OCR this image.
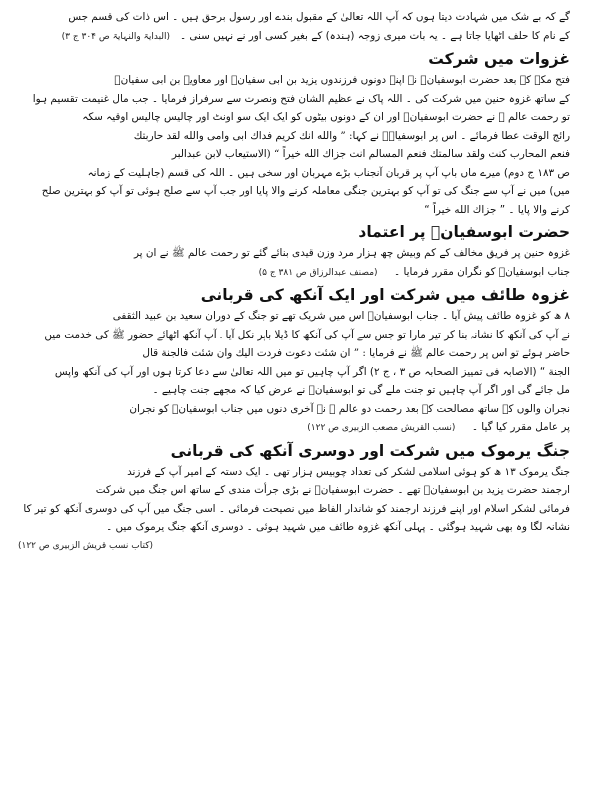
گے کہ بے شک میں شہادت دیتا ہوں کہ آپ اللہ تعالیٰ کے مقبول بندے اور رسول برحق ہیں ۔ اس ذات کی قسم جس
کے نام کا حلف اٹھایا جاتا ہے ۔ یہ بات میری زوجہ (ہندہ) کے بغیر کسی اور نے نہیں سنی ۔   (البدایۃ والنہایۃ ص ۳۰۴ ج ۳)
غزوات میں شرکت
فتح مکہ کے بعد حضرت ابوسفیانؓ نے اپنے دونوں فرزندوں یزید بن ابی سفیانؓ اور معاویہ بن ابی سفیانؓ
کے ساتھ غزوہ حنین میں شرکت کی ۔ اللہ پاک نے عظیم الشان فتح ونصرت سے سرفراز فرمایا ۔ جب مال غنیمت تقسیم ہوا
تو رحمت عالم ﷺ نے حضرت ابوسفیانؓ اور ان کے دونوں بیٹوں کو ایک ایک سو اونٹ اور چالیس چالیس اوقیہ سکہ
رائج الوقت عطا فرمائے ۔ اس پر ابوسفیانؓ نے کہا: ” والله انك كريم فداك ابى وامى والله لقد حاربتك
فنعم المحارب كنت ولقد سالمتك فنعم المسالم انت جزاك الله خيراً “ (الاستیعاب لابن عبدالبر
ص ۱۸۳ ج دوم) میرے ماں باپ آپ پر قربان آنجناب بڑے مہربان اور سخی ہیں ۔ اللہ کی قسم (جاہلیت کے زمانہ
میں) میں نے آپ سے جنگ کی تو آپ کو بہترین جنگی معاملہ کرنے والا پایا اور جب آپ سے صلح ہوئی تو آپ کو بہترین صلح
کرنے والا پایا ۔ ” جزاك الله خيراً “
حضرت ابوسفیانؓ پر اعتماد
غزوہ حنین پر فریق مخالف کے کم وبیش چھ ہزار مرد وزن قیدی بنائے گئے تو رحمت عالم ﷺ نے ان پر
جناب ابوسفیانؓ کو نگران مقرر فرمایا ۔     (مصنف عبدالرزاق ص ۳۸۱ ج ۵)
غزوہ طائف میں شرکت اور ایک آنکھ کی قربانی
۸ ھ کو غزوہ طائف پیش آیا ۔ جناب ابوسفیانؓ اس میں شریک تھے تو جنگ کے دوران سعید بن عبید الثقفی
نے آپ کی آنکھ کا نشانہ بنا کر تیر مارا تو جس سے آپ کی آنکھ کا ڈیلا باہر نکل آیا ۔ آپ آنکھ اٹھائے حضور ﷺ کی خدمت میں
حاضر ہوئے تو اس پر رحمت عالم ﷺ نے فرمایا : ” ان شئت دعوت فردت اليك وان شئت فالجنة قال
الجنة “ (الاصابہ فی تمییز الصحابہ ص ۳ ، ج ۲) اگر آپ چاہیں تو میں اللہ تعالیٰ سے دعا کرتا ہوں اور آپ کی آنکھ واپس
مل جائے گی اور اگر آپ چاہیں تو جنت ملے گی تو ابوسفیانؓ نے عرض کیا کہ مجھے جنت چاہیے ۔
نجران والوں کے ساتھ مصالحت کے بعد رحمت دو عالم ﷺ نے آخری دنوں میں جناب ابوسفیانؓ کو نجران
پر عامل مقرر کیا گیا ۔     (نسب القریش مصعب الزبیری ص ۱۲۲)
جنگ یرموک میں شرکت اور دوسری آنکھ کی قربانی
جنگ یرموک ۱۳ ھ کو ہوئی اسلامی لشکر کی تعداد چوبیس ہزار تھی ۔ ایک دستہ کے امیر آپ کے فرزند
ارجمند حضرت یزید بن ابوسفیانؓ تھے ۔ حضرت ابوسفیانؓ نے بڑی جرأت مندی کے ساتھ اس جنگ میں شرکت
فرمائی لشکر اسلام اور اپنے فرزند ارجمند کو شاندار الفاظ میں نصیحت فرمائی ۔ اسی جنگ میں آپ کی دوسری آنکھ کو تیر کا
نشانہ لگا وہ بھی شہید ہوگئی ۔ پہلی آنکھ غزوہ طائف میں شہید ہوئی ۔ دوسری آنکھ جنگ یرموک میں ۔
(کتاب نسب قریش الزبیری ص ۱۲۲)
